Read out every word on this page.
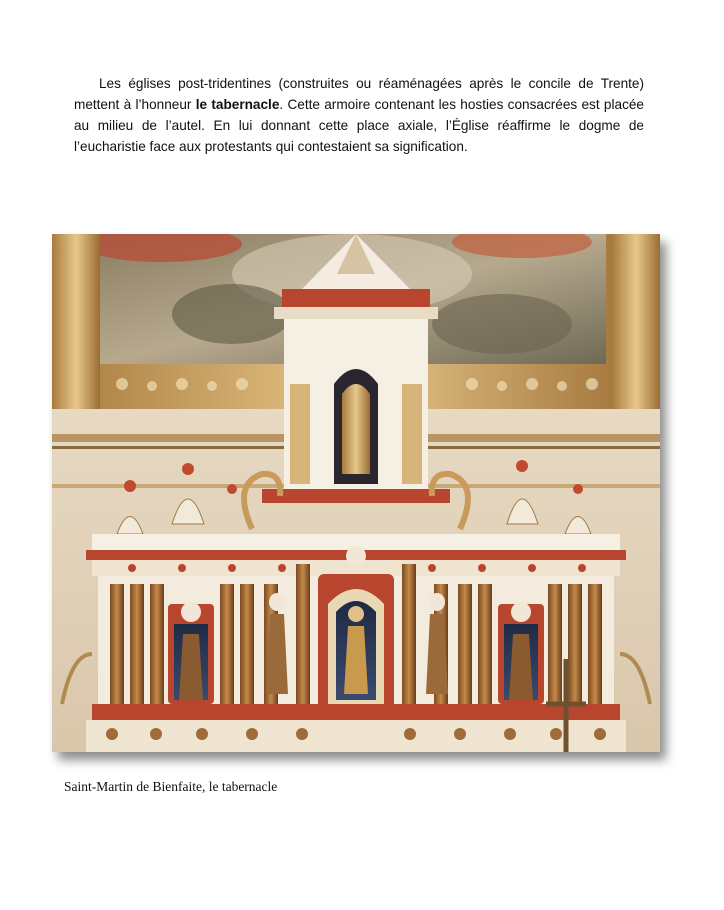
Les églises post-tridentines (construites ou réaménagées après le concile de Trente) mettent à l’honneur le tabernacle. Cette armoire contenant les hosties consacrées est placée au milieu de l’autel. En lui donnant cette place axiale, l’Église réaffirme le dogme de l’eucharistie face aux protestants qui contestaient sa signification.

Saint-Martin de Bienfaite, le tabernacle
